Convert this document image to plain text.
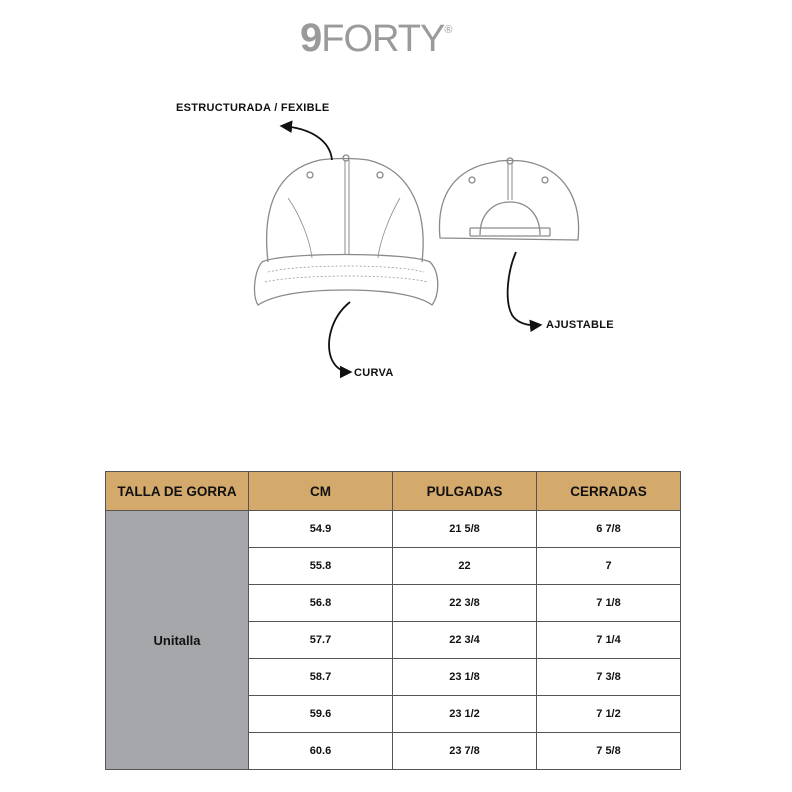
9FORTY®
ESTRUCTURADA / FEXIBLE
CURVA
AJUSTABLE
TALLA DE GORRA	CM	PULGADAS	CERRADAS
Unitalla	54.9	21 5/8	6 7/8
	55.8	22	7
	56.8	22 3/8	7 1/8
	57.7	22 3/4	7 1/4
	58.7	23 1/8	7 3/8
	59.6	23 1/2	7 1/2
	60.6	23 7/8	7 5/8
